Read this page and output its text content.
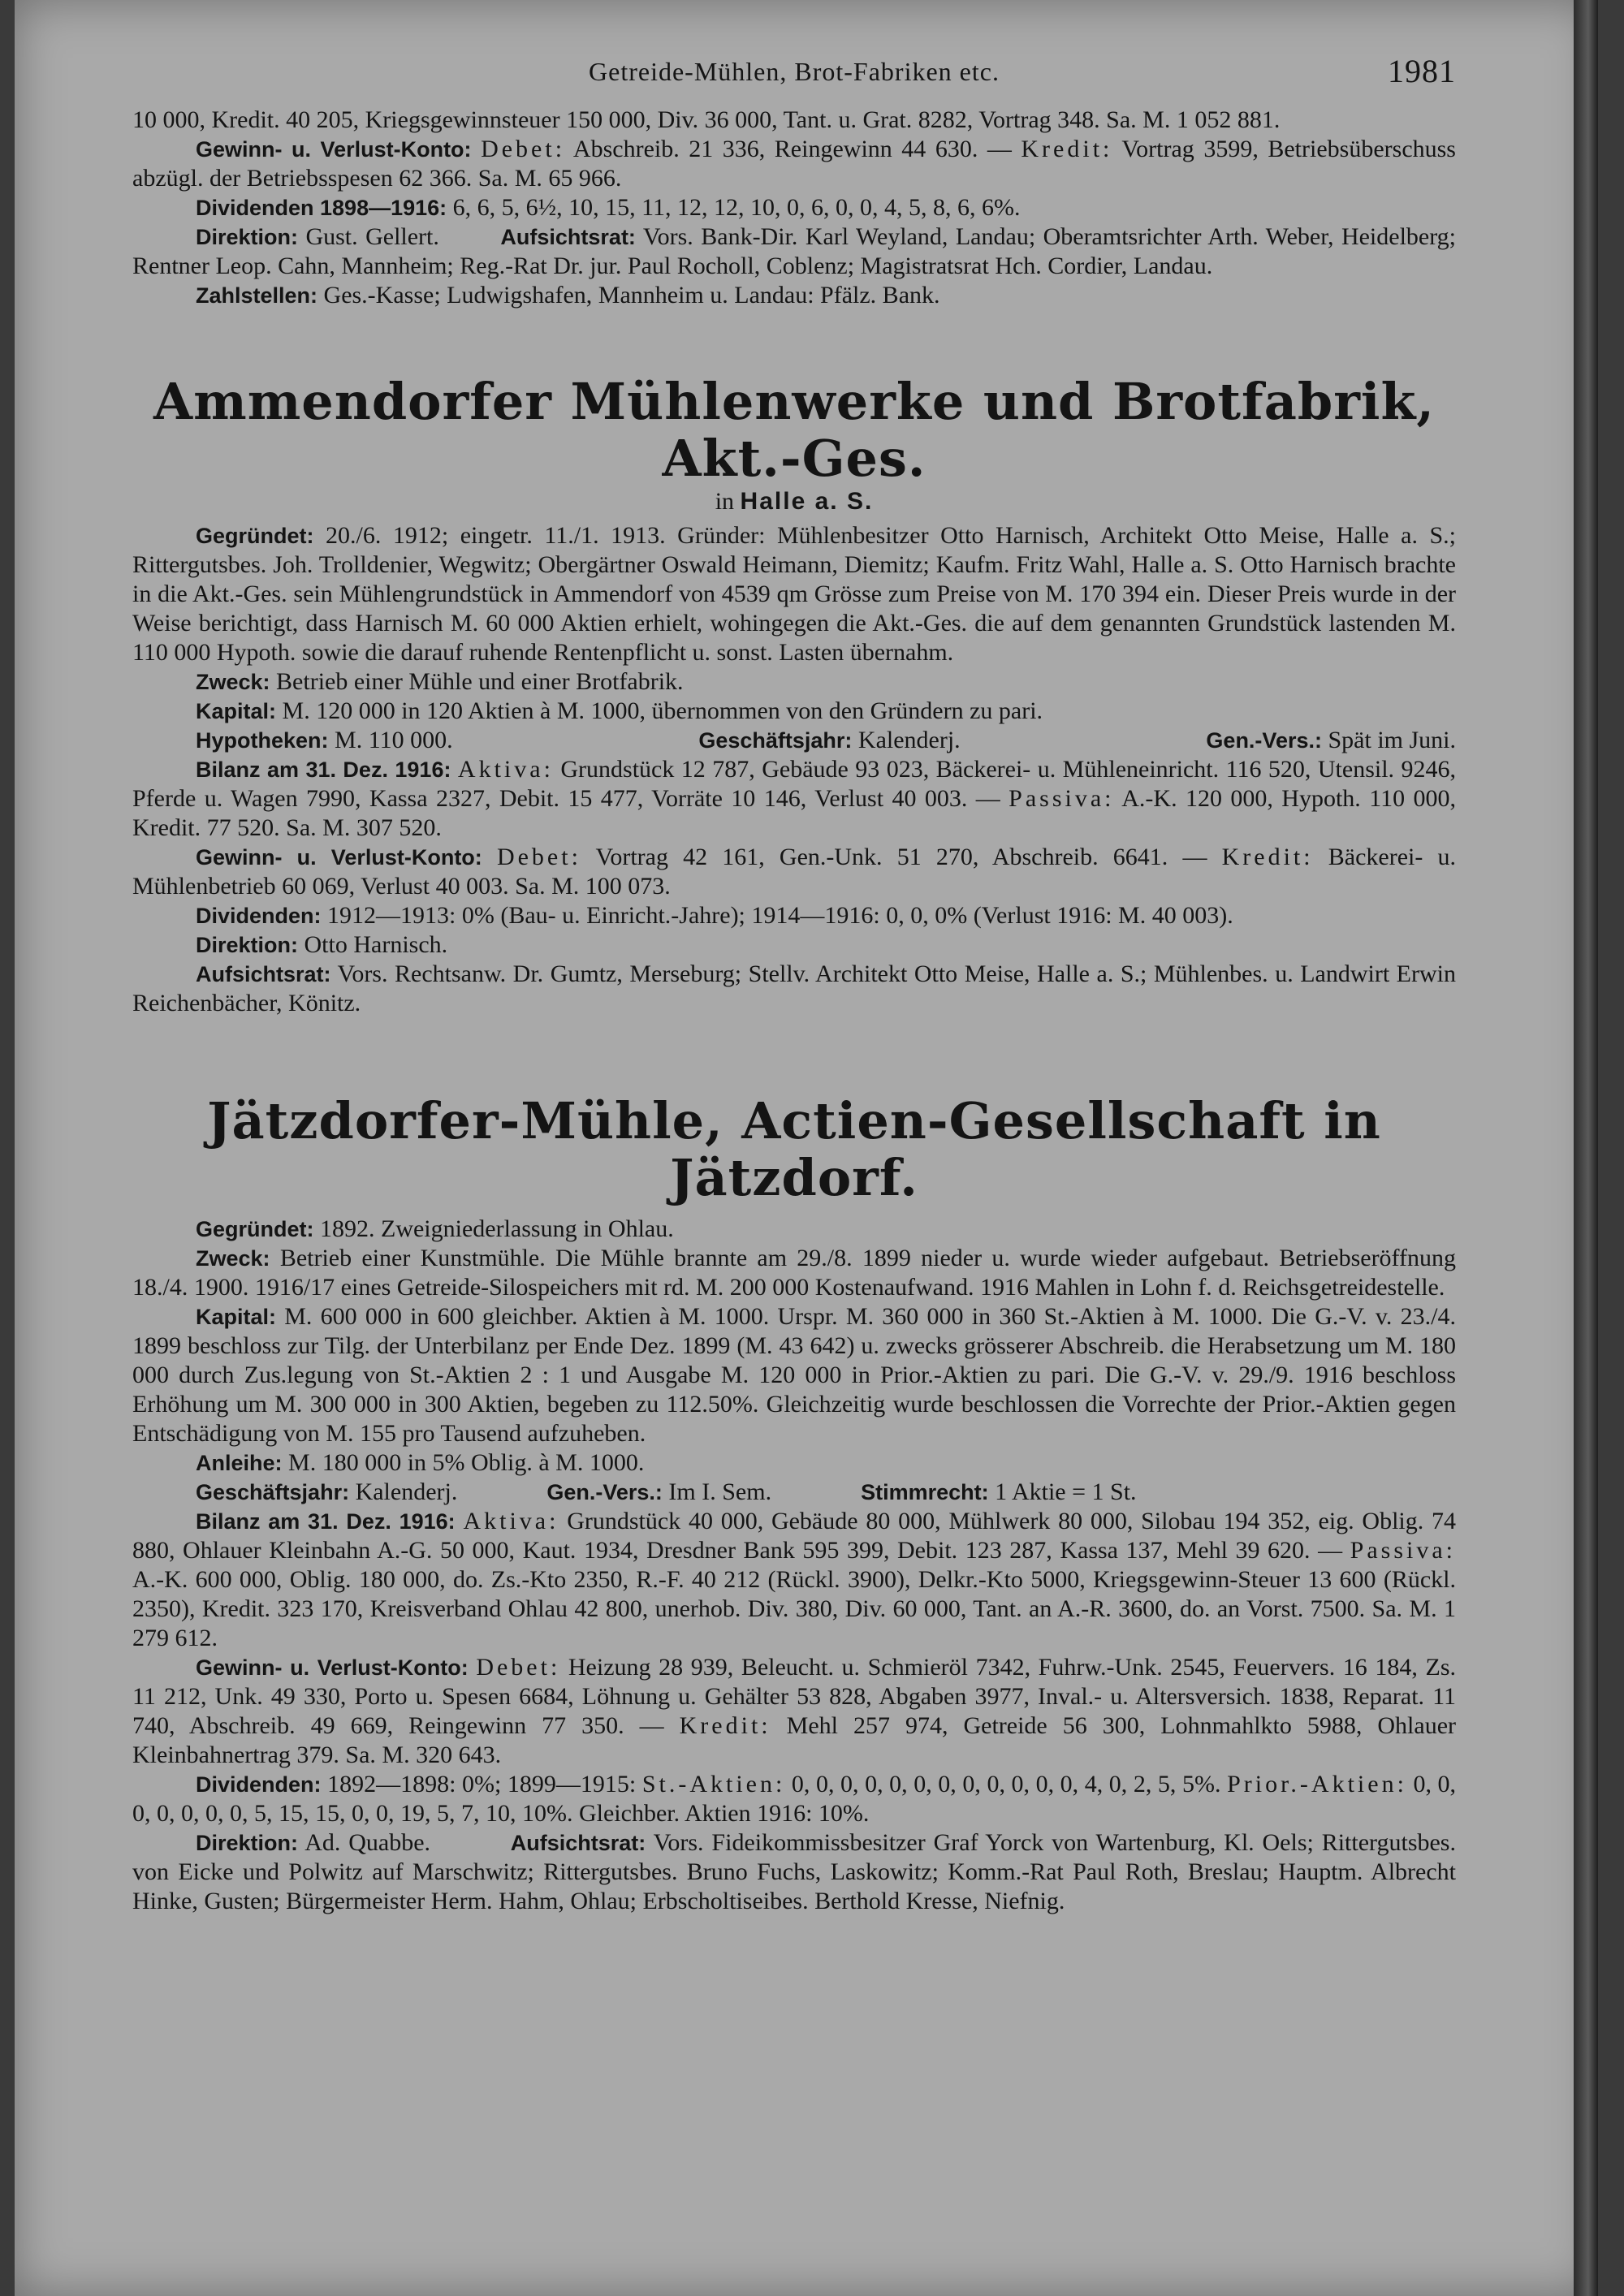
Getreide-Mühlen, Brot-Fabriken etc.	1981

10 000, Kredit. 40 205, Kriegsgewinnsteuer 150 000, Div. 36 000, Tant. u. Grat. 8282, Vortrag 348. Sa. M. 1 052 881.

Gewinn- u. Verlust-Konto: Debet: Abschreib. 21 336, Reingewinn 44 630. — Kredit: Vortrag 3599, Betriebsüberschuss abzügl. der Betriebsspesen 62 366. Sa. M. 65 966.

Dividenden 1898—1916: 6, 6, 5, 6½, 10, 15, 11, 12, 12, 10, 0, 6, 0, 0, 4, 5, 8, 6, 6%.

Direktion: Gust. Gellert.	Aufsichtsrat: Vors. Bank-Dir. Karl Weyland, Landau; Oberamtsrichter Arth. Weber, Heidelberg; Rentner Leop. Cahn, Mannheim; Reg.-Rat Dr. jur. Paul Rocholl, Coblenz; Magistratsrat Hch. Cordier, Landau.

Zahlstellen: Ges.-Kasse; Ludwigshafen, Mannheim u. Landau: Pfälz. Bank.

Ammendorfer Mühlenwerke und Brotfabrik, Akt.-Ges.
in Halle a. S.

Gegründet: 20./6. 1912; eingetr. 11./1. 1913. Gründer: Mühlenbesitzer Otto Harnisch, Architekt Otto Meise, Halle a. S.; Rittergutsbes. Joh. Trolldenier, Wegwitz; Obergärtner Oswald Heimann, Diemitz; Kaufm. Fritz Wahl, Halle a. S. Otto Harnisch brachte in die Akt.-Ges. sein Mühlengrundstück in Ammendorf von 4539 qm Grösse zum Preise von M. 170 394 ein. Dieser Preis wurde in der Weise berichtigt, dass Harnisch M. 60 000 Aktien erhielt, wohingegen die Akt.-Ges. die auf dem genannten Grundstück lastenden M. 110 000 Hypoth. sowie die darauf ruhende Rentenpflicht u. sonst. Lasten übernahm.

Zweck: Betrieb einer Mühle und einer Brotfabrik.

Kapital: M. 120 000 in 120 Aktien à M. 1000, übernommen von den Gründern zu pari.

Hypotheken: M. 110 000.	Geschäftsjahr: Kalenderj.	Gen.-Vers.: Spät im Juni.

Bilanz am 31. Dez. 1916: Aktiva: Grundstück 12 787, Gebäude 93 023, Bäckerei- u. Mühleneinricht. 116 520, Utensil. 9246, Pferde u. Wagen 7990, Kassa 2327, Debit. 15 477, Vorräte 10 146, Verlust 40 003. — Passiva: A.-K. 120 000, Hypoth. 110 000, Kredit. 77 520. Sa. M. 307 520.

Gewinn- u. Verlust-Konto: Debet: Vortrag 42 161, Gen.-Unk. 51 270, Abschreib. 6641. — Kredit: Bäckerei- u. Mühlenbetrieb 60 069, Verlust 40 003. Sa. M. 100 073.

Dividenden: 1912—1913: 0% (Bau- u. Einricht.-Jahre); 1914—1916: 0, 0, 0% (Verlust 1916: M. 40 003).

Direktion: Otto Harnisch.

Aufsichtsrat: Vors. Rechtsanw. Dr. Gumtz, Merseburg; Stellv. Architekt Otto Meise, Halle a. S.; Mühlenbes. u. Landwirt Erwin Reichenbächer, Könitz.

Jätzdorfer-Mühle, Actien-Gesellschaft in Jätzdorf.

Gegründet: 1892. Zweigniederlassung in Ohlau.

Zweck: Betrieb einer Kunstmühle. Die Mühle brannte am 29./8. 1899 nieder u. wurde wieder aufgebaut. Betriebseröffnung 18./4. 1900. 1916/17 eines Getreide-Silospeichers mit rd. M. 200 000 Kostenaufwand. 1916 Mahlen in Lohn f. d. Reichsgetreidestelle.

Kapital: M. 600 000 in 600 gleichber. Aktien à M. 1000. Urspr. M. 360 000 in 360 St.-Aktien à M. 1000. Die G.-V. v. 23./4. 1899 beschloss zur Tilg. der Unterbilanz per Ende Dez. 1899 (M. 43 642) u. zwecks grösserer Abschreib. die Herabsetzung um M. 180 000 durch Zus.legung von St.-Aktien 2 : 1 und Ausgabe M. 120 000 in Prior.-Aktien zu pari. Die G.-V. v. 29./9. 1916 beschloss Erhöhung um M. 300 000 in 300 Aktien, begeben zu 112.50%. Gleichzeitig wurde beschlossen die Vorrechte der Prior.-Aktien gegen Entschädigung von M. 155 pro Tausend aufzuheben.

Anleihe: M. 180 000 in 5% Oblig. à M. 1000.

Geschäftsjahr: Kalenderj.	Gen.-Vers.: Im I. Sem.	Stimmrecht: 1 Aktie = 1 St.

Bilanz am 31. Dez. 1916: Aktiva: Grundstück 40 000, Gebäude 80 000, Mühlwerk 80 000, Silobau 194 352, eig. Oblig. 74 880, Ohlauer Kleinbahn A.-G. 50 000, Kaut. 1934, Dresdner Bank 595 399, Debit. 123 287, Kassa 137, Mehl 39 620. — Passiva: A.-K. 600 000, Oblig. 180 000, do. Zs.-Kto 2350, R.-F. 40 212 (Rückl. 3900), Delkr.-Kto 5000, Kriegsgewinn-Steuer 13 600 (Rückl. 2350), Kredit. 323 170, Kreisverband Ohlau 42 800, unerhob. Div. 380, Div. 60 000, Tant. an A.-R. 3600, do. an Vorst. 7500. Sa. M. 1 279 612.

Gewinn- u. Verlust-Konto: Debet: Heizung 28 939, Beleucht. u. Schmieröl 7342, Fuhrw.-Unk. 2545, Feuervers. 16 184, Zs. 11 212, Unk. 49 330, Porto u. Spesen 6684, Löhnung u. Gehälter 53 828, Abgaben 3977, Inval.- u. Altersversich. 1838, Reparat. 11 740, Abschreib. 49 669, Reingewinn 77 350. — Kredit: Mehl 257 974, Getreide 56 300, Lohnmahlkto 5988, Ohlauer Kleinbahnertrag 379. Sa. M. 320 643.

Dividenden: 1892—1898: 0%; 1899—1915: St.-Aktien: 0, 0, 0, 0, 0, 0, 0, 0, 0, 0, 0, 0, 4, 0, 2, 5, 5%. Prior.-Aktien: 0, 0, 0, 0, 0, 0, 0, 5, 15, 15, 0, 0, 19, 5, 7, 10, 10%. Gleichber. Aktien 1916: 10%.

Direktion: Ad. Quabbe.	Aufsichtsrat: Vors. Fideikommissbesitzer Graf Yorck von Wartenburg, Kl. Oels; Rittergutsbes. von Eicke und Polwitz auf Marschwitz; Rittergutsbes. Bruno Fuchs, Laskowitz; Komm.-Rat Paul Roth, Breslau; Hauptm. Albrecht Hinke, Gusten; Bürgermeister Herm. Hahm, Ohlau; Erbscholtiseibes. Berthold Kresse, Niefnig.
